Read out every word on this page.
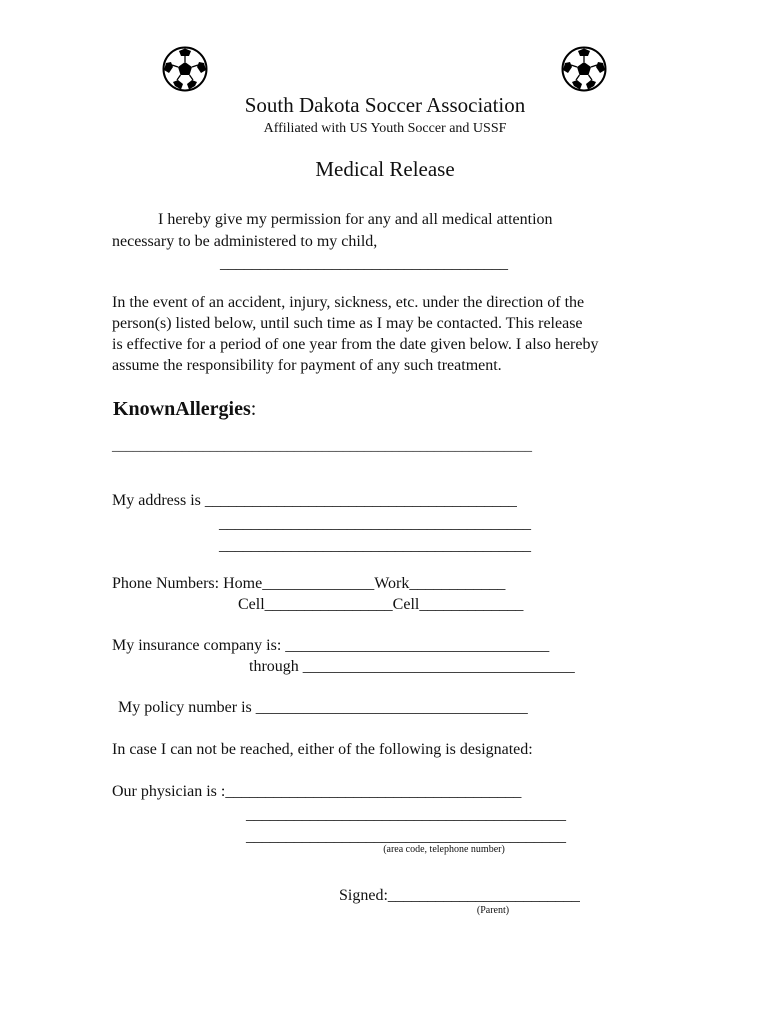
South Dakota Soccer Association
Affiliated with US Youth Soccer and USSF
Medical Release
I hereby give my permission for any and all medical attention
necessary to be administered to my child,
____________________________________
In the event of an accident, injury, sickness, etc. under the direction of the
person(s) listed below, until such time as I may be contacted. This release
is effective for a period of one year from the date given below. I also hereby
assume the responsibility for payment of any such treatment.
KnownAllergies:
____________________________________________________________
My address is _______________________________________
_______________________________________
_______________________________________
Phone Numbers: Home______________Work____________
Cell________________Cell_____________
My insurance company is: _________________________________
through __________________________________
My policy number is __________________________________
In case I can not be reached, either of the following is designated:
Our physician is :_____________________________________
________________________________________
________________________________________
(area code, telephone number)
Signed:________________________
(Parent)
